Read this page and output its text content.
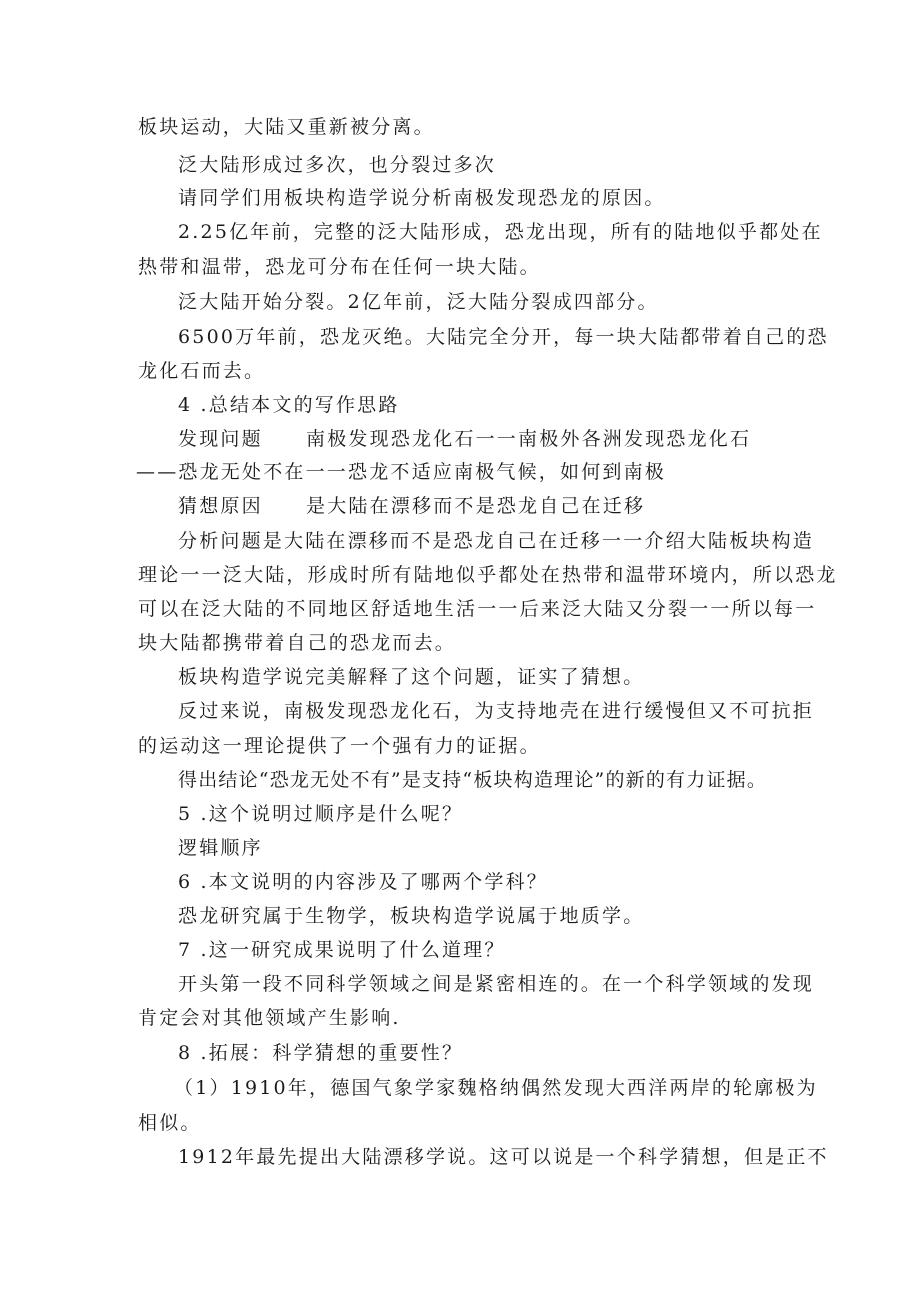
板块运动，大陆又重新被分离。
泛大陆形成过多次，也分裂过多次
请同学们用板块构造学说分析南极发现恐龙的原因。
2.25亿年前，完整的泛大陆形成，恐龙出现，所有的陆地似乎都处在
热带和温带，恐龙可分布在任何一块大陆。
泛大陆开始分裂。2亿年前，泛大陆分裂成四部分。
6500万年前，恐龙灭绝。大陆完全分开，每一块大陆都带着自己的恐
龙化石而去。
4 .总结本文的写作思路
发现问题 南极发现恐龙化石一一南极外各洲发现恐龙化石
——恐龙无处不在一一恐龙不适应南极气候，如何到南极
猜想原因 是大陆在漂移而不是恐龙自己在迁移
分析问题是大陆在漂移而不是恐龙自己在迁移一一介绍大陆板块构造
理论一一泛大陆，形成时所有陆地似乎都处在热带和温带环境内，所以恐龙
可以在泛大陆的不同地区舒适地生活一一后来泛大陆又分裂一一所以每一
块大陆都携带着自己的恐龙而去。
板块构造学说完美解释了这个问题，证实了猜想。
反过来说，南极发现恐龙化石，为支持地壳在进行缓慢但又不可抗拒
的运动这一理论提供了一个强有力的证据。
得出结论“恐龙无处不有”是支持“板块构造理论”的新的有力证据。
5 .这个说明过顺序是什么呢？
逻辑顺序
6 .本文说明的内容涉及了哪两个学科？
恐龙研究属于生物学，板块构造学说属于地质学。
7 .这一研究成果说明了什么道理？
开头第一段不同科学领域之间是紧密相连的。在一个科学领域的发现
肯定会对其他领域产生影响.
8 .拓展：科学猜想的重要性？
（1）1910年，德国气象学家魏格纳偶然发现大西洋两岸的轮廓极为
相似。
1912年最先提出大陆漂移学说。这可以说是一个科学猜想，但是正不
